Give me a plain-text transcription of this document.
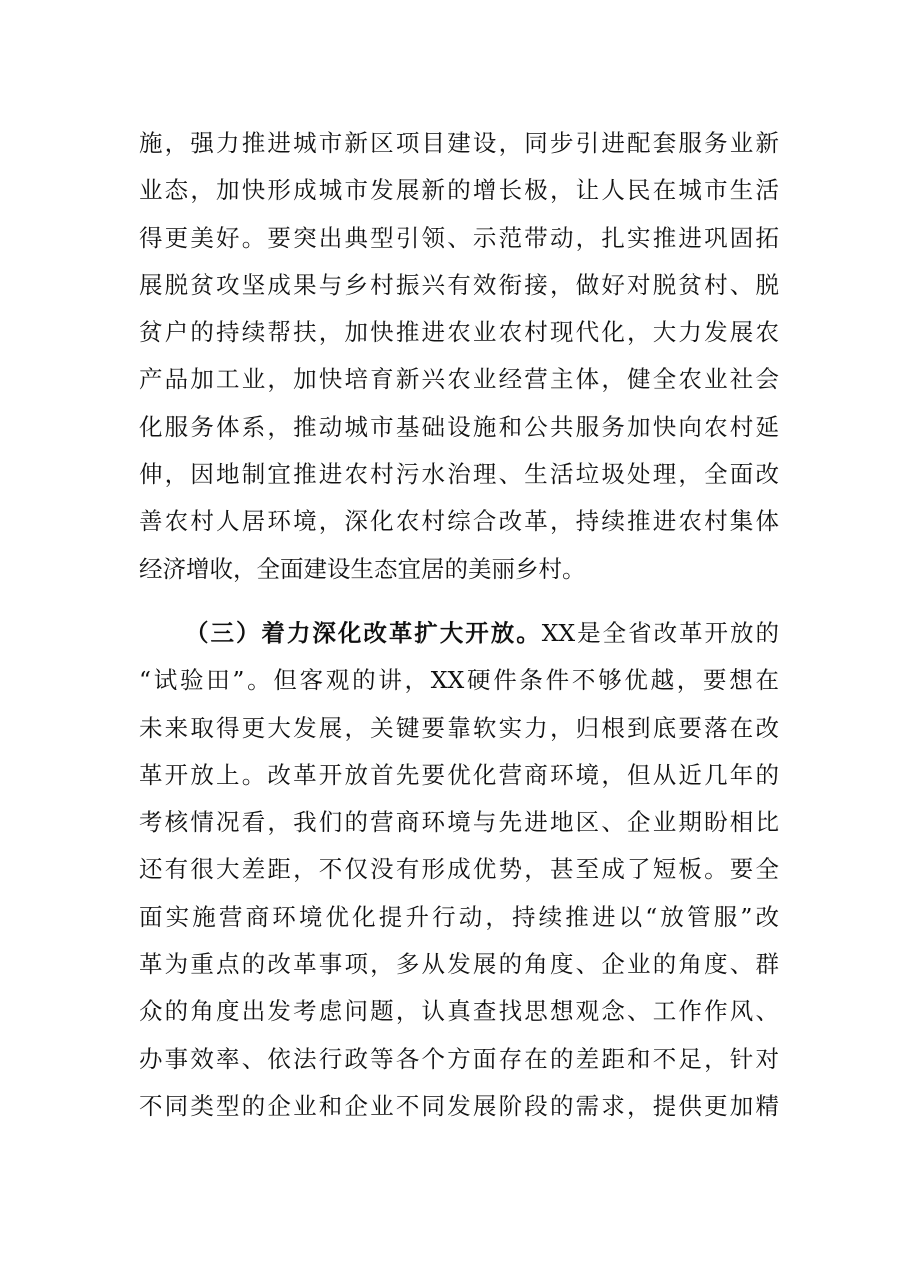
施，强力推进城市新区项目建设，同步引进配套服务业新
业态，加快形成城市发展新的增长极，让人民在城市生活
得更美好。要突出典型引领、示范带动，扎实推进巩固拓
展脱贫攻坚成果与乡村振兴有效衔接，做好对脱贫村、脱
贫户的持续帮扶，加快推进农业农村现代化，大力发展农
产品加工业，加快培育新兴农业经营主体，健全农业社会
化服务体系，推动城市基础设施和公共服务加快向农村延
伸，因地制宜推进农村污水治理、生活垃圾处理，全面改
善农村人居环境，深化农村综合改革，持续推进农村集体
经济增收，全面建设生态宜居的美丽乡村。
（三）着力深化改革扩大开放。XX是全省改革开放的
“试验田”。但客观的讲，XX硬件条件不够优越，要想在
未来取得更大发展，关键要靠软实力，归根到底要落在改
革开放上。改革开放首先要优化营商环境，但从近几年的
考核情况看，我们的营商环境与先进地区、企业期盼相比
还有很大差距，不仅没有形成优势，甚至成了短板。要全
面实施营商环境优化提升行动，持续推进以“放管服”改
革为重点的改革事项，多从发展的角度、企业的角度、群
众的角度出发考虑问题，认真查找思想观念、工作作风、
办事效率、依法行政等各个方面存在的差距和不足，针对
不同类型的企业和企业不同发展阶段的需求，提供更加精
